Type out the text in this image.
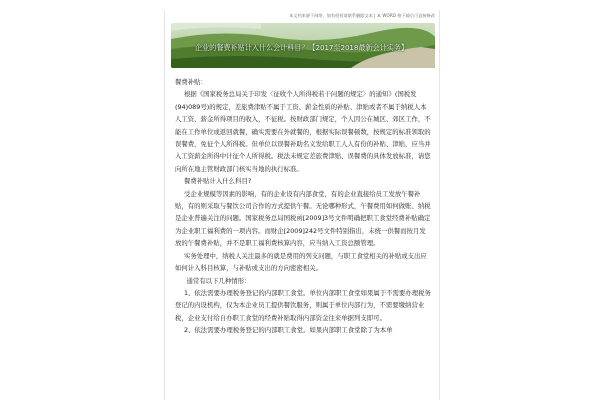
本文档来源于网络，如有侵权请联系删除文本 | 本 WORD 格下载后可直接修改
企业的餐费补贴计入什么会计科目？【2017至2018最新会计实务】

餐费补贴：

根据《国家税务总局关于印发〈征收个人所得税若干问题的规定〉的通知》(国税发(94)089号)的规定，差旅费津贴不属于工资、薪金性质的补贴、津贴或者不属于纳税人本人工资、薪金所得项目的收入，不征税。按财政部门规定，个人因公在城区、郊区工作，不能在工作单位或返回就餐，确实需要在外就餐的，根据实际误餐顿数，按规定的标准领取的误餐费，免征个人所得税。但单位以误餐补助名义发给职工人人有份的补贴、津贴，应当并入工资薪金所得中计征个人所得税。税法未规定差旅费津贴、误餐费的具体发放标准，请您向所在地主管财政部门核实当地的执行标准。

餐费补贴计入什么科目?

受企业规模等因素的影响，有的企业设有内部食堂，有的企业直接给员工发放午餐补贴，有的则采取与餐饮公司合作的方式提供午餐。无论哪种形式，午餐费用如何做账、纳税是企业普遍关注的问题。国家税务总局国税函[2009]3号文件明确把职工食堂经费补贴确定为企业职工福利费的一项内容。而财企[2009]242号文件特别指出，未统一供餐而按月发放的午餐费补贴，并不是职工福利费核算内容，应当纳入工资总额管理。

实务处理中，纳税人关注最多的就是费用的列支问题，与职工食堂相关的补贴或支出应如何计入科目核算，与补贴或支出的方向密密相关。

通常有以下几种情形：

1、依法需要办理税务登记的内部职工食堂。单位内部职工食堂如果属于不需要办理税务登记的内设机构，仅为本企业员工提供餐饮服务，则属于单位内部行为，不需要缴纳营业税，企业支付给自办职工食堂的经费补贴取得内部资金往来单据列支即可。

2、依法需要办理税务登记的内部职工食堂。如果内部职工食堂除了为本单
